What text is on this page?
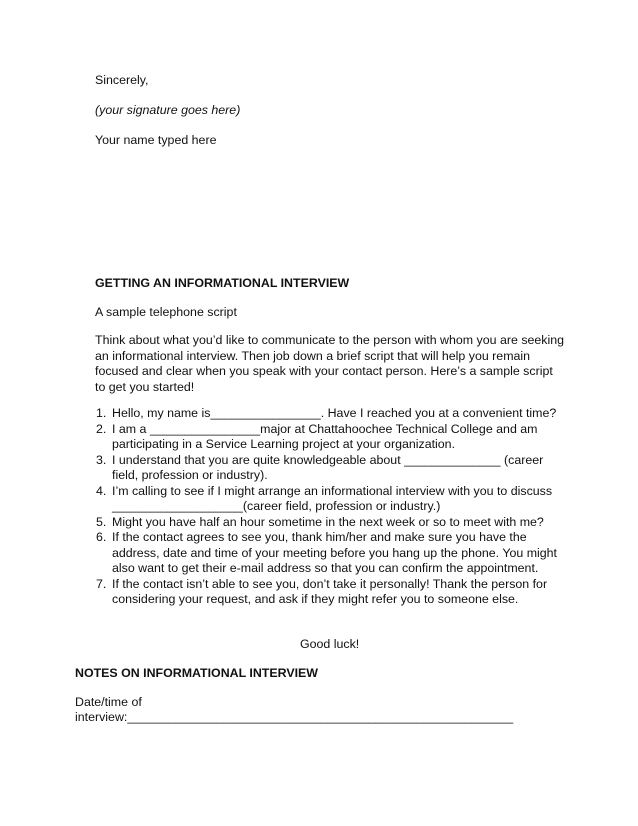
Sincerely,

(your signature goes here)

Your name typed here

GETTING AN INFORMATIONAL INTERVIEW

A sample telephone script

Think about what you’d like to communicate to the person with whom you are seeking an informational interview. Then job down a brief script that will help you remain focused and clear when you speak with your contact person. Here’s a sample script to get you started!

1. Hello, my name is________________. Have I reached you at a convenient time?
2. I am a ________________major at Chattahoochee Technical College and am participating in a Service Learning project at your organization.
3. I understand that you are quite knowledgeable about ______________ (career field, profession or industry).
4. I’m calling to see if I might arrange an informational interview with you to discuss ___________________(career field, profession or industry.)
5. Might you have half an hour sometime in the next week or so to meet with me?
6. If the contact agrees to see you, thank him/her and make sure you have the address, date and time of your meeting before you hang up the phone. You might also want to get their e-mail address so that you can confirm the appointment.
7. If the contact isn’t able to see you, don’t take it personally! Thank the person for considering your request, and ask if they might refer you to someone else.

Good luck!

NOTES ON INFORMATIONAL INTERVIEW

Date/time of

interview:________________________________________________________
